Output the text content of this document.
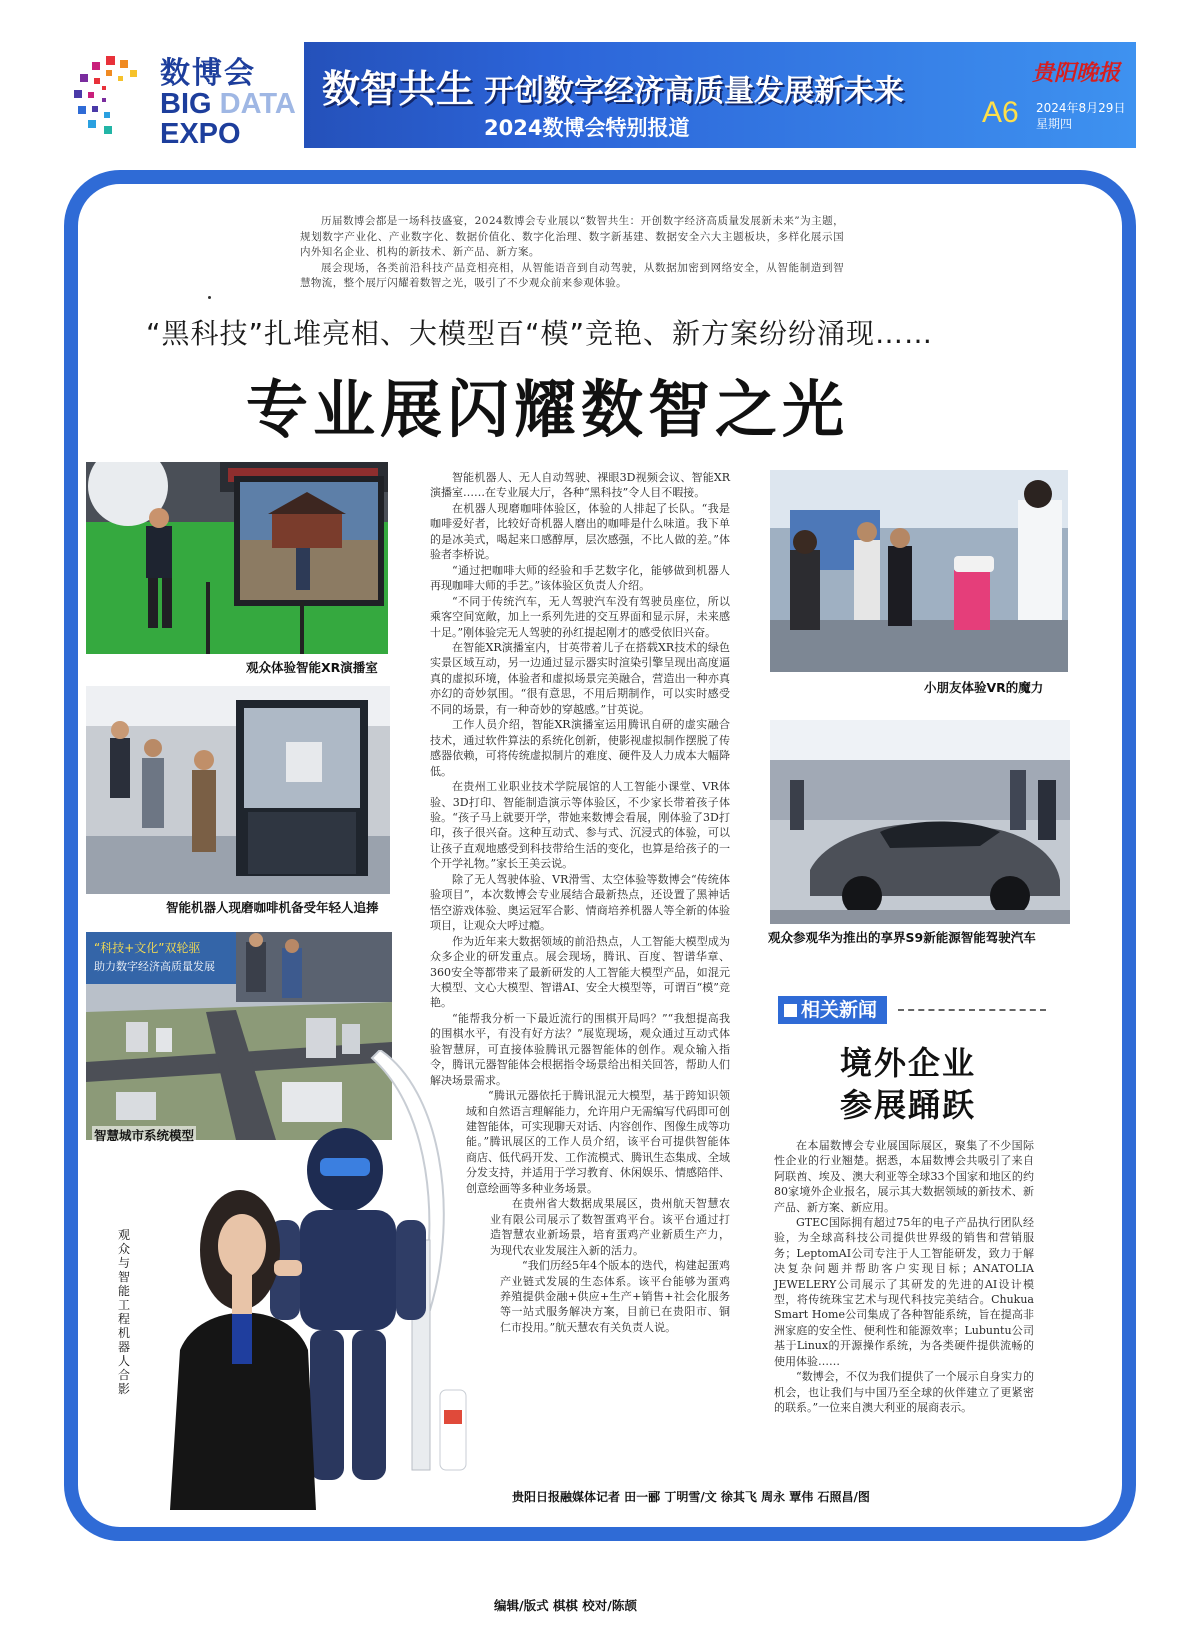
数博会
BIG DATA
EXPO
数智共生 开创数字经济高质量发展新未来
2024数博会特别报道
贵阳晚报
A6 2024年8月29日
星期四

历届数博会都是一场科技盛宴，2024数博会专业展以“数智共生：开创数字经济高质量发展新未来”为主题，规划数字产业化、产业数字化、数据价值化、数字化治理、数字新基建、数据安全六大主题板块，多样化展示国内外知名企业、机构的新技术、新产品、新方案。

展会现场，各类前沿科技产品竞相亮相，从智能语音到自动驾驶，从数据加密到网络安全，从智能制造到智慧物流，整个展厅闪耀着数智之光，吸引了不少观众前来参观体验。

“黑科技”扎堆亮相、大模型百“模”竞艳、新方案纷纷涌现……
专业展闪耀数智之光
观众体验智能XR演播室
智能机器人现磨咖啡机备受年轻人追捧
“科技+文化”双轮驱
助力数字经济高质量发展
智慧城市系统模型
观众与智能工程机器人合影
小朋友体验VR的魔力
观众参观华为推出的享界S9新能源智能驾驶汽车

智能机器人、无人自动驾驶、裸眼3D视频会议、智能XR演播室……在专业展大厅，各种“黑科技”令人目不暇接。

在机器人现磨咖啡体验区，体验的人排起了长队。“我是咖啡爱好者，比较好奇机器人磨出的咖啡是什么味道。我下单的是冰美式，喝起来口感醇厚，层次感强，不比人做的差。”体验者李桥说。

“通过把咖啡大师的经验和手艺数字化，能够做到机器人再现咖啡大师的手艺。”该体验区负责人介绍。

“不同于传统汽车，无人驾驶汽车没有驾驶员座位，所以乘客空间宽敞，加上一系列先进的交互界面和显示屏，未来感十足。”刚体验完无人驾驶的孙红提起刚才的感受依旧兴奋。

在智能XR演播室内，甘英带着儿子在搭载XR技术的绿色实景区域互动，另一边通过显示器实时渲染引擎呈现出高度逼真的虚拟环境，体验者和虚拟场景完美融合，营造出一种亦真亦幻的奇妙氛围。“很有意思，不用后期制作，可以实时感受不同的场景，有一种奇妙的穿越感。”甘英说。

工作人员介绍，智能XR演播室运用腾讯自研的虚实融合技术，通过软件算法的系统化创新，使影视虚拟制作摆脱了传感器依赖，可将传统虚拟制片的难度、硬件及人力成本大幅降低。

在贵州工业职业技术学院展馆的人工智能小课堂、VR体验、3D打印、智能制造演示等体验区，不少家长带着孩子体验。“孩子马上就要开学，带她来数博会看展，刚体验了3D打印，孩子很兴奋。这种互动式、参与式、沉浸式的体验，可以让孩子直观地感受到科技带给生活的变化，也算是给孩子的一个开学礼物。”家长王美云说。

除了无人驾驶体验、VR滑雪、太空体验等数博会“传统体验项目”，本次数博会专业展结合最新热点，还设置了黑神话悟空游戏体验、奥运冠军合影、情商培养机器人等全新的体验项目，让观众大呼过瘾。

作为近年来大数据领域的前沿热点，人工智能大模型成为众多企业的研发重点。展会现场，腾讯、百度、智谱华章、360安全等都带来了最新研发的人工智能大模型产品，如混元大模型、文心大模型、智谱AI、安全大模型等，可谓百“模”竞艳。

“能帮我分析一下最近流行的围棋开局吗？”“我想提高我的围棋水平，有没有好方法？”展览现场，观众通过互动式体验智慧屏，可直接体验腾讯元器智能体的创作。观众输入指令，腾讯元器智能体会根据指令场景给出相关回答，帮助人们解决场景需求。

“腾讯元器依托于腾讯混元大模型，基于跨知识领域和自然语言理解能力，允许用户无需编写代码即可创建智能体，可实现聊天对话、内容创作、图像生成等功能。”腾讯展区的工作人员介绍，该平台可提供智能体商店、低代码开发、工作流模式、腾讯生态集成、全域分发支持，并适用于学习教育、休闲娱乐、情感陪伴、创意绘画等多种业务场景。

在贵州省大数据成果展区，贵州航天智慧农业有限公司展示了数智蛋鸡平台。该平台通过打造智慧农业新场景，培育蛋鸡产业新质生产力，为现代农业发展注入新的活力。

“我们历经5年4个版本的迭代，构建起蛋鸡产业链式发展的生态体系。该平台能够为蛋鸡养殖提供金融+供应+生产+销售+社会化服务等一站式服务解决方案，目前已在贵阳市、铜仁市投用。”航天慧农有关负责人说。

相关新闻
境外企业
参展踊跃

在本届数博会专业展国际展区，聚集了不少国际性企业的行业翘楚。据悉，本届数博会共吸引了来自阿联酋、埃及、澳大利亚等全球33个国家和地区的约80家境外企业报名，展示其大数据领域的新技术、新产品、新方案、新应用。

GTEC国际拥有超过75年的电子产品执行团队经验，为全球高科技公司提供世界级的销售和营销服务；LeptomAI公司专注于人工智能研发，致力于解决复杂问题并帮助客户实现目标；ANATOLIA JEWELERY公司展示了其研发的先进的AI设计模型，将传统珠宝艺术与现代科技完美结合。Chukua Smart Home公司集成了各种智能系统，旨在提高非洲家庭的安全性、便利性和能源效率；Lubuntu公司基于Linux的开源操作系统，为各类硬件提供流畅的使用体验……

“数博会，不仅为我们提供了一个展示自身实力的机会，也让我们与中国乃至全球的伙伴建立了更紧密的联系。”一位来自澳大利亚的展商表示。

贵阳日报融媒体记者 田一郦 丁明雪/文 徐其飞 周永 覃伟 石照昌/图
编辑/版式 棋棋 校对/陈颉
